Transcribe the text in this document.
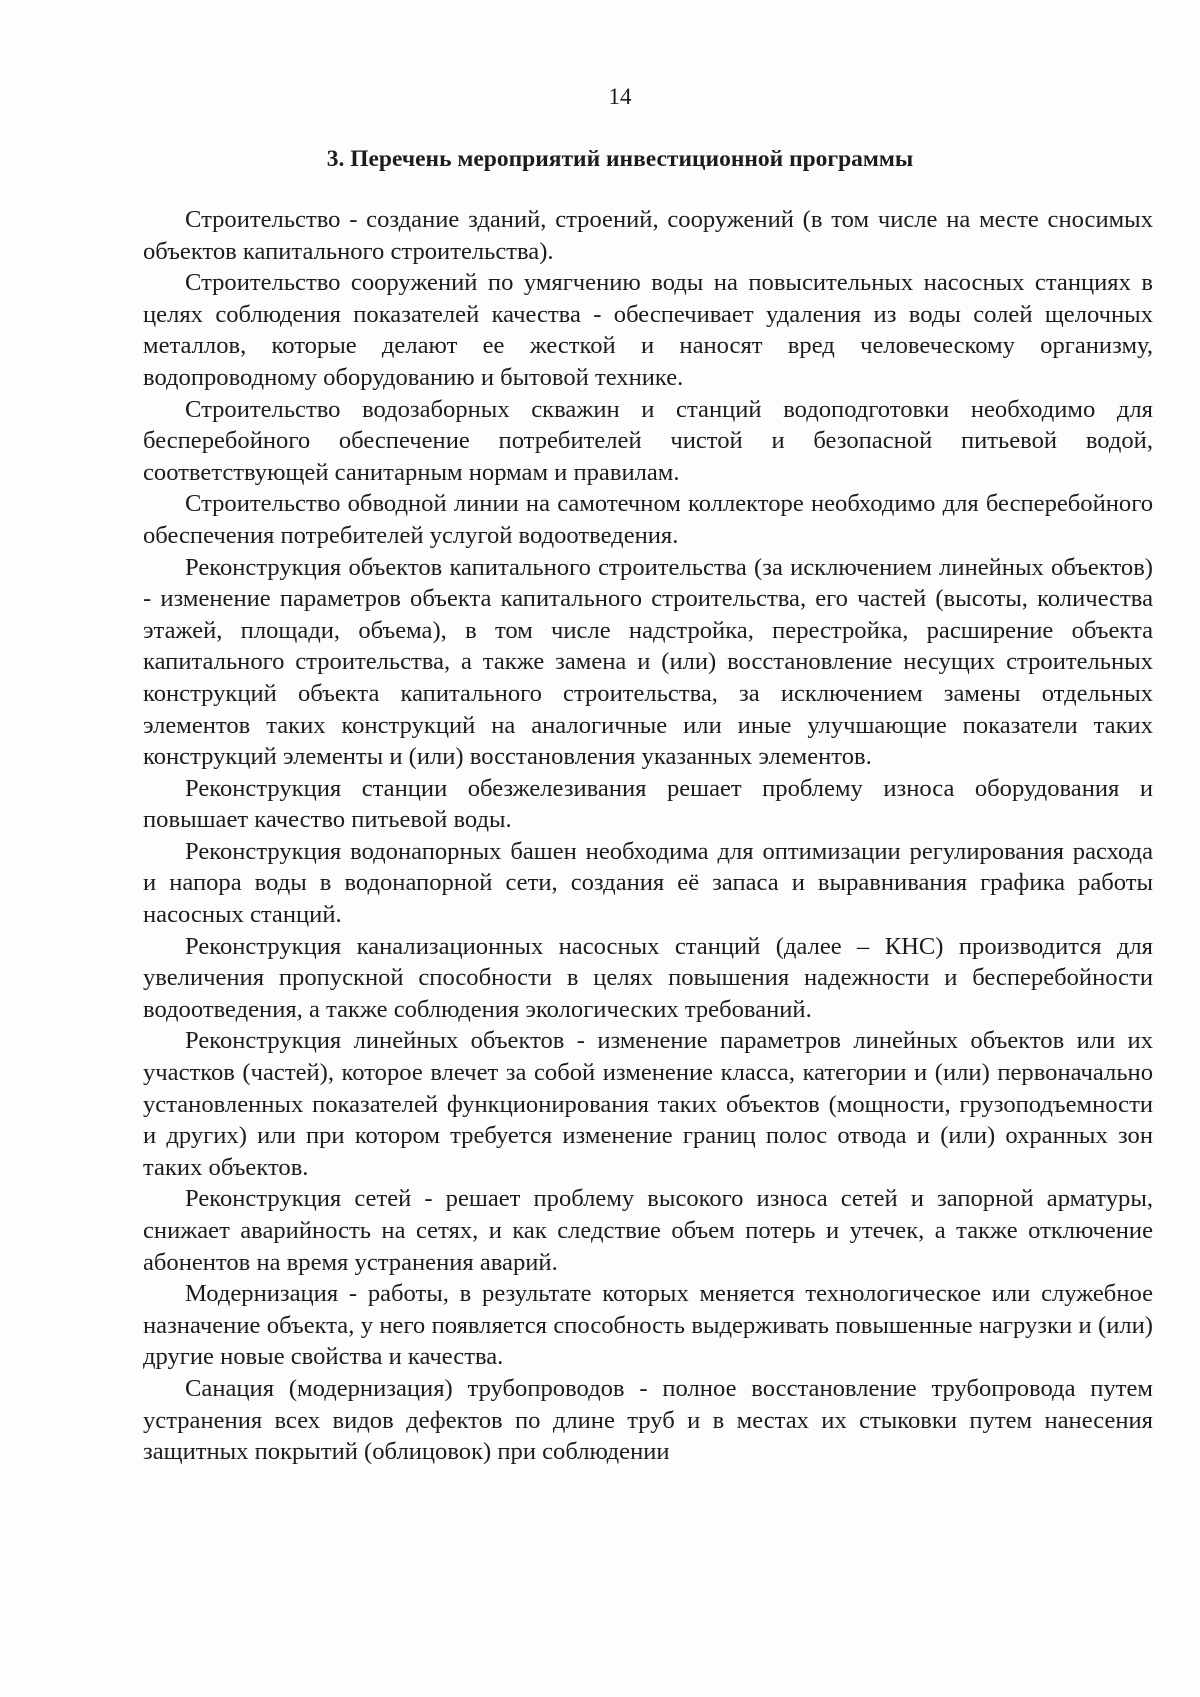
14
3. Перечень мероприятий инвестиционной программы

Строительство - создание зданий, строений, сооружений (в том числе на месте сносимых объектов капитального строительства).

Строительство сооружений по умягчению воды на повысительных насосных станциях в целях соблюдения показателей качества - обеспечивает удаления из воды солей щелочных металлов, которые делают ее жесткой и наносят вред человеческому организму, водопроводному оборудованию и бытовой технике.

Строительство водозаборных скважин и станций водоподготовки необходимо для бесперебойного обеспечение потребителей чистой и безопасной питьевой водой, соответствующей санитарным нормам и правилам.

Строительство обводной линии на самотечном коллекторе необходимо для бесперебойного обеспечения потребителей услугой водоотведения.

Реконструкция объектов капитального строительства (за исключением линейных объектов) - изменение параметров объекта капитального строительства, его частей (высоты, количества этажей, площади, объема), в том числе надстройка, перестройка, расширение объекта капитального строительства, а также замена и (или) восстановление несущих строительных конструкций объекта капитального строительства, за исключением замены отдельных элементов таких конструкций на аналогичные или иные улучшающие показатели таких конструкций элементы и (или) восстановления указанных элементов.

Реконструкция станции обезжелезивания решает проблему износа оборудования и повышает качество питьевой воды.

Реконструкция водонапорных башен необходима для оптимизации регулирования расхода и напора воды в водонапорной сети, создания её запаса и выравнивания графика работы насосных станций.

Реконструкция канализационных насосных станций (далее – КНС) производится для увеличения пропускной способности в целях повышения надежности и бесперебойности водоотведения, а также соблюдения экологических требований.

Реконструкция линейных объектов - изменение параметров линейных объектов или их участков (частей), которое влечет за собой изменение класса, категории и (или) первоначально установленных показателей функционирования таких объектов (мощности, грузоподъемности и других) или при котором требуется изменение границ полос отвода и (или) охранных зон таких объектов.

Реконструкция сетей - решает проблему высокого износа сетей и запорной арматуры, снижает аварийность на сетях, и как следствие объем потерь и утечек, а также отключение абонентов на время устранения аварий.

Модернизация - работы, в результате которых меняется технологическое или служебное назначение объекта, у него появляется способность выдерживать повышенные нагрузки и (или) другие новые свойства и качества.

Санация (модернизация) трубопроводов - полное восстановление трубопровода путем устранения всех видов дефектов по длине труб и в местах их стыковки путем нанесения защитных покрытий (облицовок) при соблюдении
